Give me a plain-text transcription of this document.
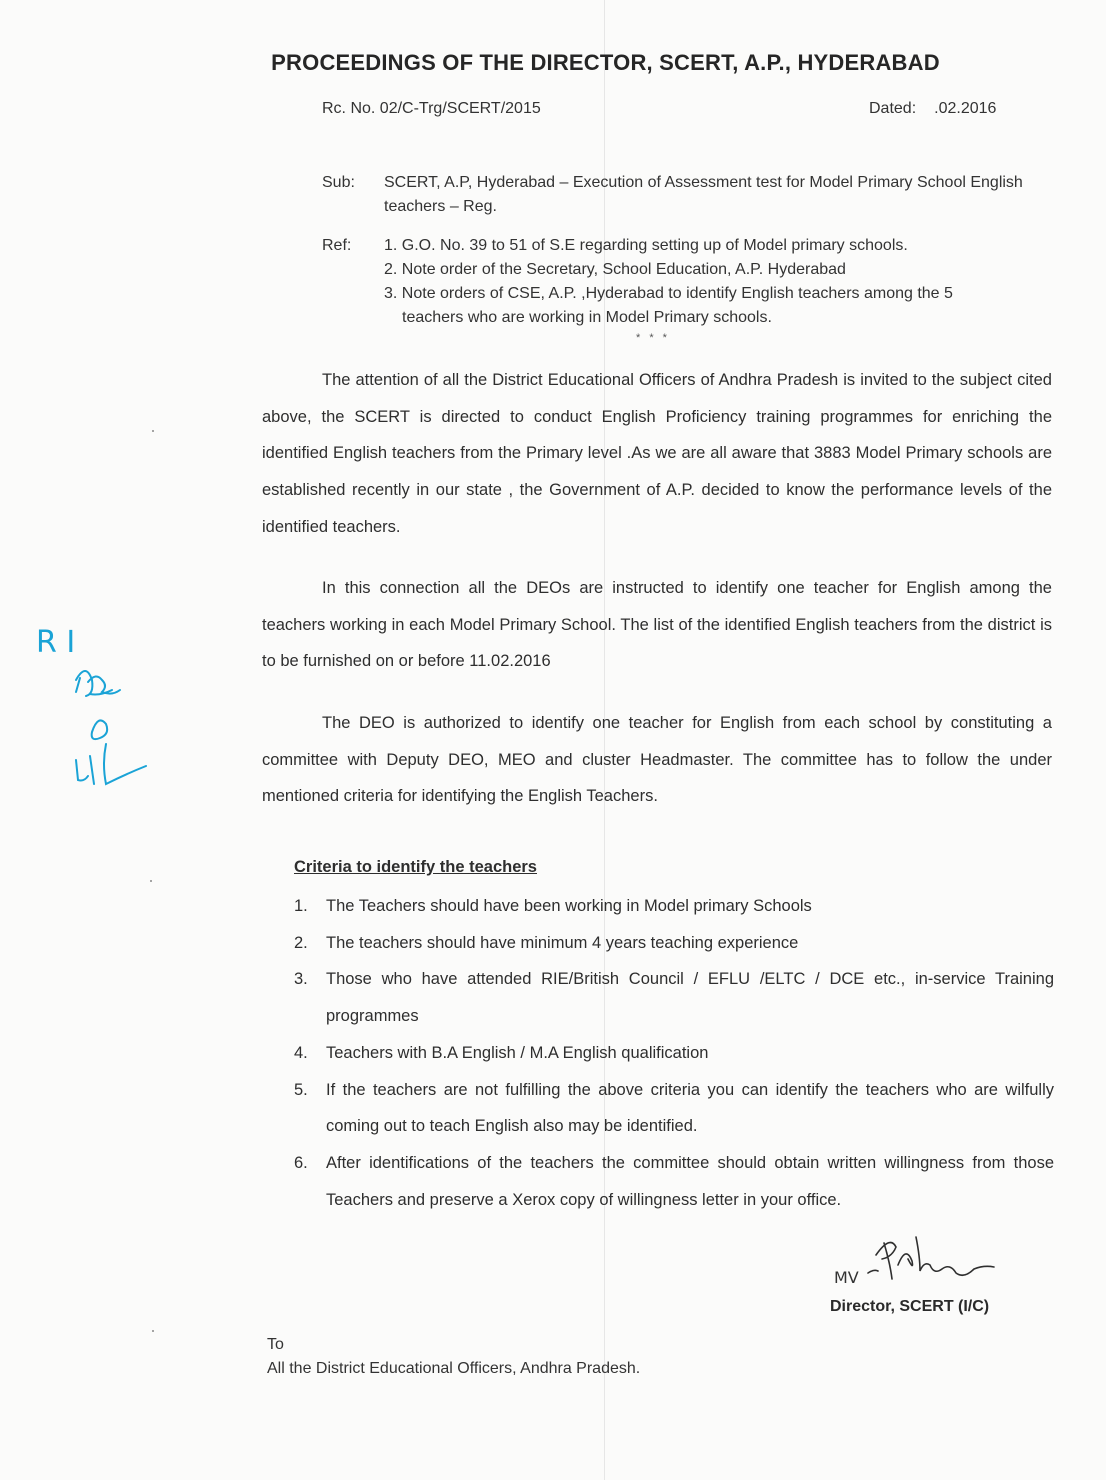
PROCEEDINGS OF THE DIRECTOR, SCERT, A.P., HYDERABAD
Rc. No. 02/C-Trg/SCERT/2015	Dated: .02.2016
Sub: SCERT, A.P, Hyderabad – Execution of Assessment test for Model Primary School English teachers – Reg.
Ref: 1. G.O. No. 39 to 51 of S.E regarding setting up of Model primary schools.
2. Note order of the Secretary, School Education, A.P. Hyderabad
3. Note orders of CSE, A.P. ,Hyderabad to identify English teachers among the 5
teachers who are working in Model Primary schools.
* * *

The attention of all the District Educational Officers of Andhra Pradesh is invited to the subject cited above, the SCERT is directed to conduct English Proficiency training programmes for enriching the identified English teachers from the Primary level .As we are all aware that 3883 Model Primary schools are established recently in our state , the Government of A.P. decided to know the performance levels of the identified teachers.

In this connection all the DEOs are instructed to identify one teacher for English among the teachers working in each Model Primary School. The list of the identified English teachers from the district is to be furnished on or before 11.02.2016

The DEO is authorized to identify one teacher for English from each school by constituting a committee with Deputy DEO, MEO and cluster Headmaster. The committee has to follow the under mentioned criteria for identifying the English Teachers.

Criteria to identify the teachers
1. The Teachers should have been working in Model primary Schools
2. The teachers should have minimum 4 years teaching experience
3. Those who have attended RIE/British Council / EFLU /ELTC / DCE etc., in-service Training programmes
4. Teachers with B.A English / M.A English qualification
5. If the teachers are not fulfilling the above criteria you can identify the teachers who are wilfully coming out to teach English also may be identified.
6. After identifications of the teachers the committee should obtain written willingness from those Teachers and preserve a Xerox copy of willingness letter in your office.
MV
Director, SCERT (I/C)
To
All the District Educational Officers, Andhra Pradesh.
R I
